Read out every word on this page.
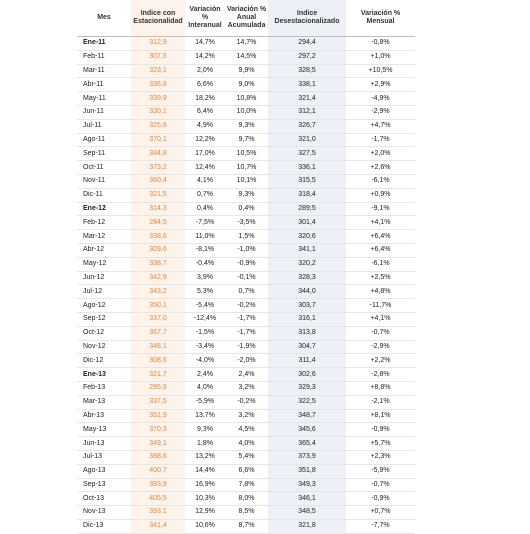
Mes	Indice con Estacionalidad	Variación % Interanual	Variación % Anual Acumulada	Indice Desestacionalizado	Variación % Mensual
Ene-11	312,9	14,7%	14,7%	294,4	-0,8%
Feb-11	307,5	14,2%	14,5%	297,2	+1,0%
Mar-11	323,1	2,0%	9,9%	328,5	+10,5%
Abr-11	336,8	6,6%	9,0%	338,1	+2,9%
May-11	339,9	18,2%	10,8%	321,4	-4,9%
Jun-11	330,1	6,4%	10,0%	312,1	-2,9%
Jul-11	325,8	4,9%	9,3%	326,7	+4,7%
Ago-11	370,1	12,2%	9,7%	321,0	-1,7%
Sep-11	384,8	17,0%	10,5%	327,5	+2,0%
Oct-11	373,2	12,4%	10,7%	336,1	+2,6%
Nov-11	360,4	4,1%	10,1%	315,5	-6,1%
Dic-11	321,5	0,7%	9,3%	318,4	+0,9%
Ene-12	314,3	0,4%	0,4%	289,5	-9,1%
Feb-12	284,5	-7,5%	-3,5%	301,4	+4,1%
Mar-12	338,6	11,0%	1,5%	320,6	+6,4%
Abr-12	309,6	-8,1%	-1,0%	341,1	+6,4%
May-12	338,7	-0,4%	-0,9%	320,2	-6,1%
Jun-12	342,9	3,9%	-0,1%	328,3	+2,5%
Jul-12	343,2	5,3%	0,7%	344,0	+4,8%
Ago-12	350,1	-5,4%	-0,2%	303,7	-11,7%
Sep-12	337,0	-12,4%	-1,7%	316,1	+4,1%
Oct-12	367,7	-1,5%	-1,7%	313,8	-0,7%
Nov-12	348,1	-3,4%	-1,9%	304,7	-2,9%
Dic-12	308,6	-4,0%	-2,0%	311,4	+2,2%
Ene-13	321,7	2,4%	2,4%	302,6	-2,8%
Feb-13	295,9	4,0%	3,2%	329,3	+8,8%
Mar-13	337,5	-5,9%	-0,2%	322,5	-2,1%
Abr-13	351,9	13,7%	3,2%	348,7	+8,1%
May-13	370,3	9,3%	4,5%	345,6	-0,9%
Jun-13	349,1	1,8%	4,0%	365,4	+5,7%
Jul-13	388,6	13,2%	5,4%	373,9	+2,3%
Ago-13	400,7	14,4%	6,6%	351,8	-5,9%
Sep-13	393,9	16,9%	7,8%	349,3	-0,7%
Oct-13	405,5	10,3%	8,0%	346,1	-0,9%
Nov-13	393,1	12,9%	8,5%	348,5	+0,7%
Dic-13	341,4	10,6%	8,7%	321,8	-7,7%
